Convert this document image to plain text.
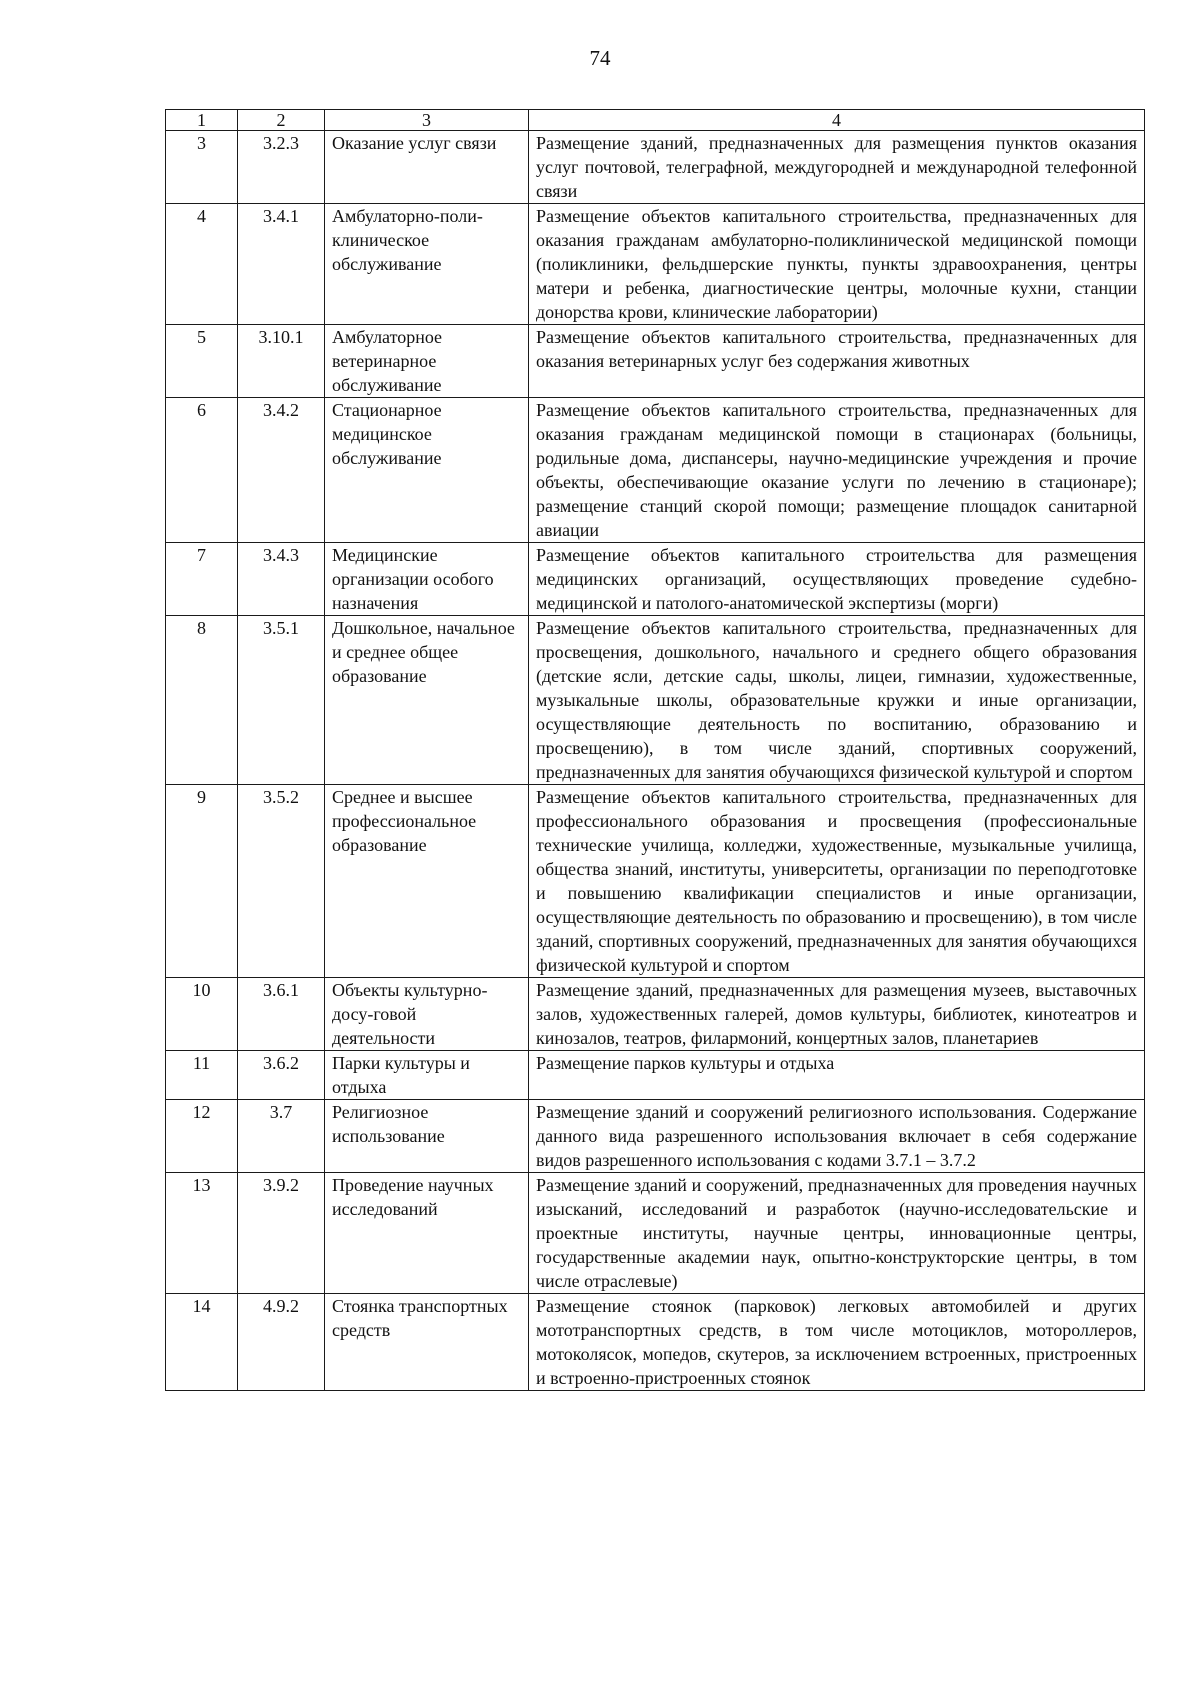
74
1	2	3	4
3	3.2.3	Оказание услуг связи	Размещение зданий, предназначенных для размещения пунктов оказания услуг почтовой, телеграфной, междугородней и международной телефонной связи
4	3.4.1	Амбулаторно-поли-клиническое обслуживание	Размещение объектов капитального строительства, предназначенных для оказания гражданам амбулаторно-поликлинической медицинской помощи (поликлиники, фельдшерские пункты, пункты здравоохранения, центры матери и ребенка, диагностические центры, молочные кухни, станции донорства крови, клинические лаборатории)
5	3.10.1	Амбулаторное ветеринарное обслуживание	Размещение объектов капитального строительства, предназначенных для оказания ветеринарных услуг без содержания животных
6	3.4.2	Стационарное медицинское обслуживание	Размещение объектов капитального строительства, предназначенных для оказания гражданам медицинской помощи в стационарах (больницы, родильные дома, диспансеры, научно-медицинские учреждения и прочие объекты, обеспечивающие оказание услуги по лечению в стационаре); размещение станций скорой помощи; размещение площадок санитарной авиации
7	3.4.3	Медицинские организации особого назначения	Размещение объектов капитального строительства для размещения медицинских организаций, осуществляющих проведение судебно-медицинской и патолого-анатомической экспертизы (морги)
8	3.5.1	Дошкольное, начальное и среднее общее образование	Размещение объектов капитального строительства, предназначенных для просвещения, дошкольного, начального и среднего общего образования (детские ясли, детские сады, школы, лицеи, гимназии, художественные, музыкальные школы, образовательные кружки и иные организации, осуществляющие деятельность по воспитанию, образованию и просвещению), в том числе зданий, спортивных сооружений, предназначенных для занятия обучающихся физической культурой и спортом
9	3.5.2	Среднее и высшее профессиональное образование	Размещение объектов капитального строительства, предназначенных для профессионального образования и просвещения (профессиональные технические училища, колледжи, художественные, музыкальные училища, общества знаний, институты, университеты, организации по переподготовке и повышению квалификации специалистов и иные организации, осуществляющие деятельность по образованию и просвещению), в том числе зданий, спортивных сооружений, предназначенных для занятия обучающихся физической культурой и спортом
10	3.6.1	Объекты культурно-досу-говой деятельности	Размещение зданий, предназначенных для размещения музеев, выставочных залов, художественных галерей, домов культуры, библиотек, кинотеатров и кинозалов, театров, филармоний, концертных залов, планетариев
11	3.6.2	Парки культуры и отдыха	Размещение парков культуры и отдыха
12	3.7	Религиозное использование	Размещение зданий и сооружений религиозного использования. Содержание данного вида разрешенного использования включает в себя содержание видов разрешенного использования с кодами 3.7.1 – 3.7.2
13	3.9.2	Проведение научных исследований	Размещение зданий и сооружений, предназначенных для проведения научных изысканий, исследований и разработок (научно-исследовательские и проектные институты, научные центры, инновационные центры, государственные академии наук, опытно-конструкторские центры, в том числе отраслевые)
14	4.9.2	Стоянка транспортных средств	Размещение стоянок (парковок) легковых автомобилей и других мототранспортных средств, в том числе мотоциклов, мотороллеров, мотоколясок, мопедов, скутеров, за исключением встроенных, пристроенных и встроенно-пристроенных стоянок
